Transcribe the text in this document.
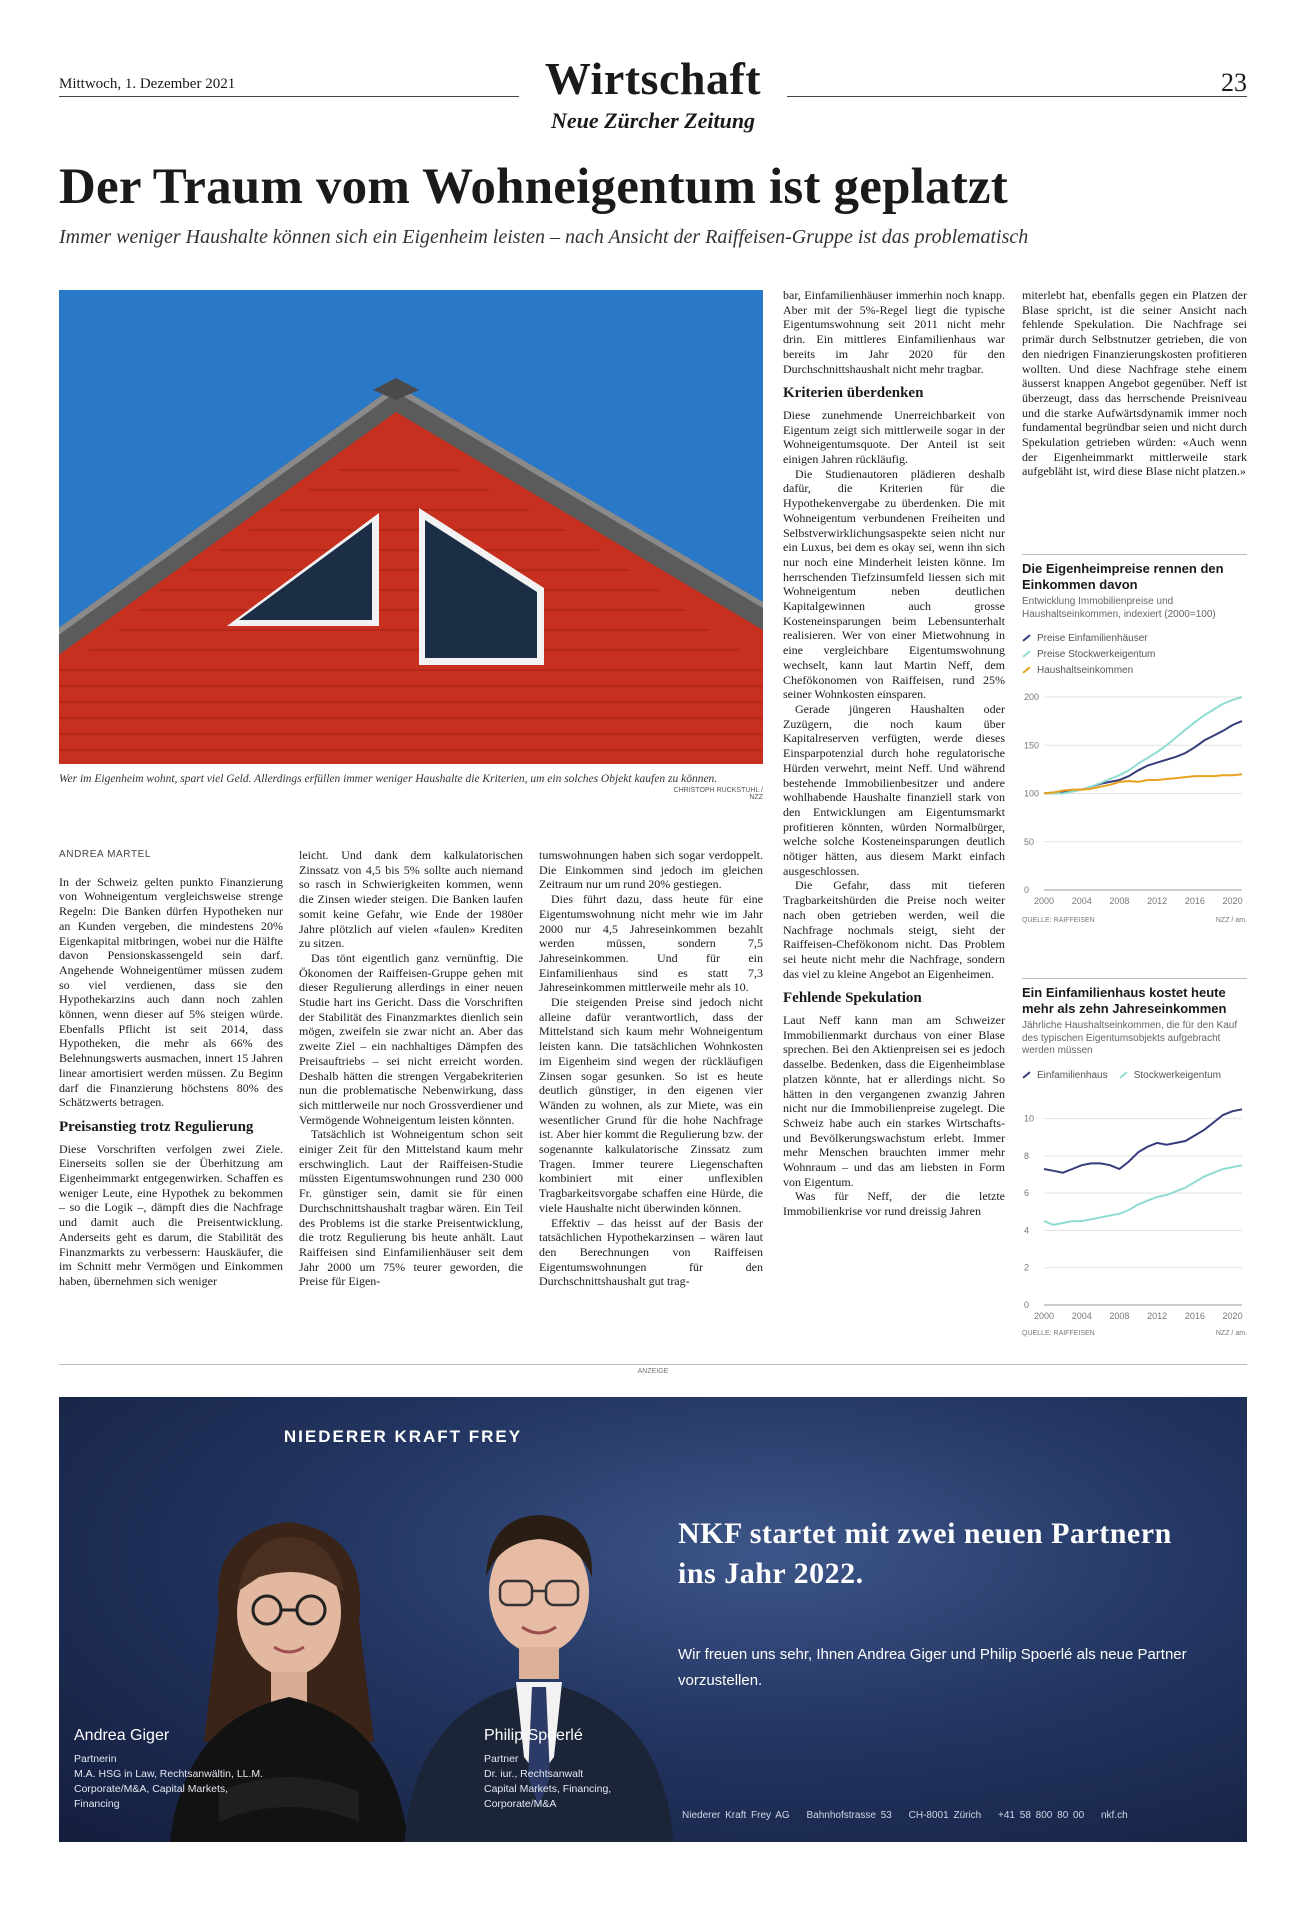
Mittwoch, 1. Dezember 2021	Wirtschaft
Neue Zürcher Zeitung
23
Der Traum vom Wohneigentum ist geplatzt
Immer weniger Haushalte können sich ein Eigenheim leisten – nach Ansicht der Raiffeisen-Gruppe ist das problematisch
Wer im Eigenheim wohnt, spart viel Geld. Allerdings erfüllen immer weniger Haushalte die Kriterien, um ein solches Objekt kaufen zu können.
CHRISTOPH RUCKSTUHL / NZZ
ANDREA MARTEL

In der Schweiz gelten punkto Finanzierung von Wohneigentum vergleichsweise strenge Regeln: Die Banken dürfen Hypotheken nur an Kunden vergeben, die mindestens 20% Eigenkapital mitbringen, wobei nur die Hälfte davon Pensionskassengeld sein darf. Angehende Wohneigentümer müssen zudem so viel verdienen, dass sie den Hypothekarzins auch dann noch zahlen können, wenn dieser auf 5% steigen würde. Ebenfalls Pflicht ist seit 2014, dass Hypotheken, die mehr als 66% des Belehnungswerts ausmachen, innert 15 Jahren linear amortisiert werden müssen. Zu Beginn darf die Finanzierung höchstens 80% des Schätzwerts betragen.

Preisanstieg trotz Regulierung

Diese Vorschriften verfolgen zwei Ziele. Einerseits sollen sie der Überhitzung am Eigenheimmarkt entgegenwirken. Schaffen es weniger Leute, eine Hypothek zu bekommen – so die Logik –, dämpft dies die Nachfrage und damit auch die Preisentwicklung. Anderseits geht es darum, die Stabilität des Finanzmarkts zu verbessern: Hauskäufer, die im Schnitt mehr Vermögen und Einkommen haben, übernehmen sich weniger

leicht. Und dank dem kalkulatorischen Zinssatz von 4,5 bis 5% sollte auch niemand so rasch in Schwierigkeiten kommen, wenn die Zinsen wieder steigen. Die Banken laufen somit keine Gefahr, wie Ende der 1980er Jahre plötzlich auf vielen «faulen» Krediten zu sitzen.

Das tönt eigentlich ganz vernünftig. Die Ökonomen der Raiffeisen-Gruppe gehen mit dieser Regulierung allerdings in einer neuen Studie hart ins Gericht. Dass die Vorschriften der Stabilität des Finanzmarktes dienlich sein mögen, zweifeln sie zwar nicht an. Aber das zweite Ziel – ein nachhaltiges Dämpfen des Preisauftriebs – sei nicht erreicht worden. Deshalb hätten die strengen Vergabekriterien nun die problematische Nebenwirkung, dass sich mittlerweile nur noch Grossverdiener und Vermögende Wohneigentum leisten könnten.

Tatsächlich ist Wohneigentum schon seit einiger Zeit für den Mittelstand kaum mehr erschwinglich. Laut der Raiffeisen-Studie müssten Eigentumswohnungen rund 230 000 Fr. günstiger sein, damit sie für einen Durchschnittshaushalt tragbar wären. Ein Teil des Problems ist die starke Preisentwicklung, die trotz Regulierung bis heute anhält. Laut Raiffeisen sind Einfamilienhäuser seit dem Jahr 2000 um 75% teurer geworden, die Preise für Eigen-

tumswohnungen haben sich sogar verdoppelt. Die Einkommen sind jedoch im gleichen Zeitraum nur um rund 20% gestiegen.

Dies führt dazu, dass heute für eine Eigentumswohnung nicht mehr wie im Jahr 2000 nur 4,5 Jahreseinkommen bezahlt werden müssen, sondern 7,5 Jahreseinkommen. Und für ein Einfamilienhaus sind es statt 7,3 Jahreseinkommen mittlerweile mehr als 10.

Die steigenden Preise sind jedoch nicht alleine dafür verantwortlich, dass der Mittelstand sich kaum mehr Wohneigentum leisten kann. Die tatsächlichen Wohnkosten im Eigenheim sind wegen der rückläufigen Zinsen sogar gesunken. So ist es heute deutlich günstiger, in den eigenen vier Wänden zu wohnen, als zur Miete, was ein wesentlicher Grund für die hohe Nachfrage ist. Aber hier kommt die Regulierung bzw. der sogenannte kalkulatorische Zinssatz zum Tragen. Immer teurere Liegenschaften kombiniert mit einer unflexiblen Tragbarkeitsvorgabe schaffen eine Hürde, die viele Haushalte nicht überwinden können.

Effektiv – das heisst auf der Basis der tatsächlichen Hypothekarzinsen – wären laut den Berechnungen von Raiffeisen Eigentumswohnungen für den Durchschnittshaushalt gut trag-

bar, Einfamilienhäuser immerhin noch knapp. Aber mit der 5%-Regel liegt die typische Eigentumswohnung seit 2011 nicht mehr drin. Ein mittleres Einfamilienhaus war bereits im Jahr 2020 für den Durchschnittshaushalt nicht mehr tragbar.

Kriterien überdenken

Diese zunehmende Unerreichbarkeit von Eigentum zeigt sich mittlerweile sogar in der Wohneigentumsquote. Der Anteil ist seit einigen Jahren rückläufig.

Die Studienautoren plädieren deshalb dafür, die Kriterien für die Hypothekenvergabe zu überdenken. Die mit Wohneigentum verbundenen Freiheiten und Selbstverwirklichungsaspekte seien nicht nur ein Luxus, bei dem es okay sei, wenn ihn sich nur noch eine Minderheit leisten könne. Im herrschenden Tiefzinsumfeld liessen sich mit Wohneigentum neben deutlichen Kapitalgewinnen auch grosse Kosteneinsparungen beim Lebensunterhalt realisieren. Wer von einer Mietwohnung in eine vergleichbare Eigentumswohnung wechselt, kann laut Martin Neff, dem Chefökonomen von Raiffeisen, rund 25% seiner Wohnkosten einsparen.

Gerade jüngeren Haushalten oder Zuzügern, die noch kaum über Kapitalreserven verfügten, werde dieses Einsparpotenzial durch hohe regulatorische Hürden verwehrt, meint Neff. Und während bestehende Immobilienbesitzer und andere wohlhabende Haushalte finanziell stark von den Entwicklungen am Eigentumsmarkt profitieren könnten, würden Normalbürger, welche solche Kosteneinsparungen deutlich nötiger hätten, aus diesem Markt einfach ausgeschlossen.

Die Gefahr, dass mit tieferen Tragbarkeitshürden die Preise noch weiter nach oben getrieben werden, weil die Nachfrage nochmals steigt, sieht der Raiffeisen-Chefökonom nicht. Das Problem sei heute nicht mehr die Nachfrage, sondern das viel zu kleine Angebot an Eigenheimen.

Fehlende Spekulation

Laut Neff kann man am Schweizer Immobilienmarkt durchaus von einer Blase sprechen. Bei den Aktienpreisen sei es jedoch dasselbe. Bedenken, dass die Eigenheimblase platzen könnte, hat er allerdings nicht. So hätten in den vergangenen zwanzig Jahren nicht nur die Immobilienpreise zugelegt. Die Schweiz habe auch ein starkes Wirtschafts- und Bevölkerungswachstum erlebt. Immer mehr Menschen brauchten immer mehr Wohnraum – und das am liebsten in Form von Eigentum.

Was für Neff, der die letzte Immobilienkrise vor rund dreissig Jahren

miterlebt hat, ebenfalls gegen ein Platzen der Blase spricht, ist die seiner Ansicht nach fehlende Spekulation. Die Nachfrage sei primär durch Selbstnutzer getrieben, die von den niedrigen Finanzierungskosten profitieren wollten. Und diese Nachfrage stehe einem äusserst knappen Angebot gegenüber. Neff ist überzeugt, dass das herrschende Preisniveau und die starke Aufwärtsdynamik immer noch fundamental begründbar seien und nicht durch Spekulation getrieben würden: «Auch wenn der Eigenheimmarkt mittlerweile stark aufgebläht ist, wird diese Blase nicht platzen.»

Die Eigenheimpreise rennen den Einkommen davon
Entwicklung Immobilienpreise und Haushaltseinkommen, indexiert (2000=100)
Preise Einfamilienhäuser
Preise Stockwerkeigentum
Haushaltseinkommen
200
150
100
50
0
2000 2004 2008 2012 2016 2020
QUELLE: RAIFFEISEN	NZZ / am.
Ein Einfamilienhaus kostet heute mehr als zehn Jahreseinkommen
Jährliche Haushaltseinkommen, die für den Kauf des typischen Eigentumsobjekts aufgebracht werden müssen
Einfamilienhaus	Stockwerkeigentum
10
8
6
4
2
0
2000 2004 2008 2012 2016 2020
QUELLE: RAIFFEISEN	NZZ / am.
ANZEIGE
NIEDERER KRAFT FREY
NKF startet mit zwei neuen Partnern
ins Jahr 2022.
Wir freuen uns sehr, Ihnen Andrea Giger und Philip Spoerlé als neue Partner vorzustellen.
Andrea Giger
Partnerin
M.A. HSG in Law, Rechtsanwältin, LL.M.
Corporate/M&A, Capital Markets,
Financing
Philip Spoerlé
Partner
Dr. iur., Rechtsanwalt
Capital Markets, Financing,
Corporate/M&A
Niederer Kraft Frey AG Bahnhofstrasse 53 CH-8001 Zürich +41 58 800 80 00 nkf.ch
